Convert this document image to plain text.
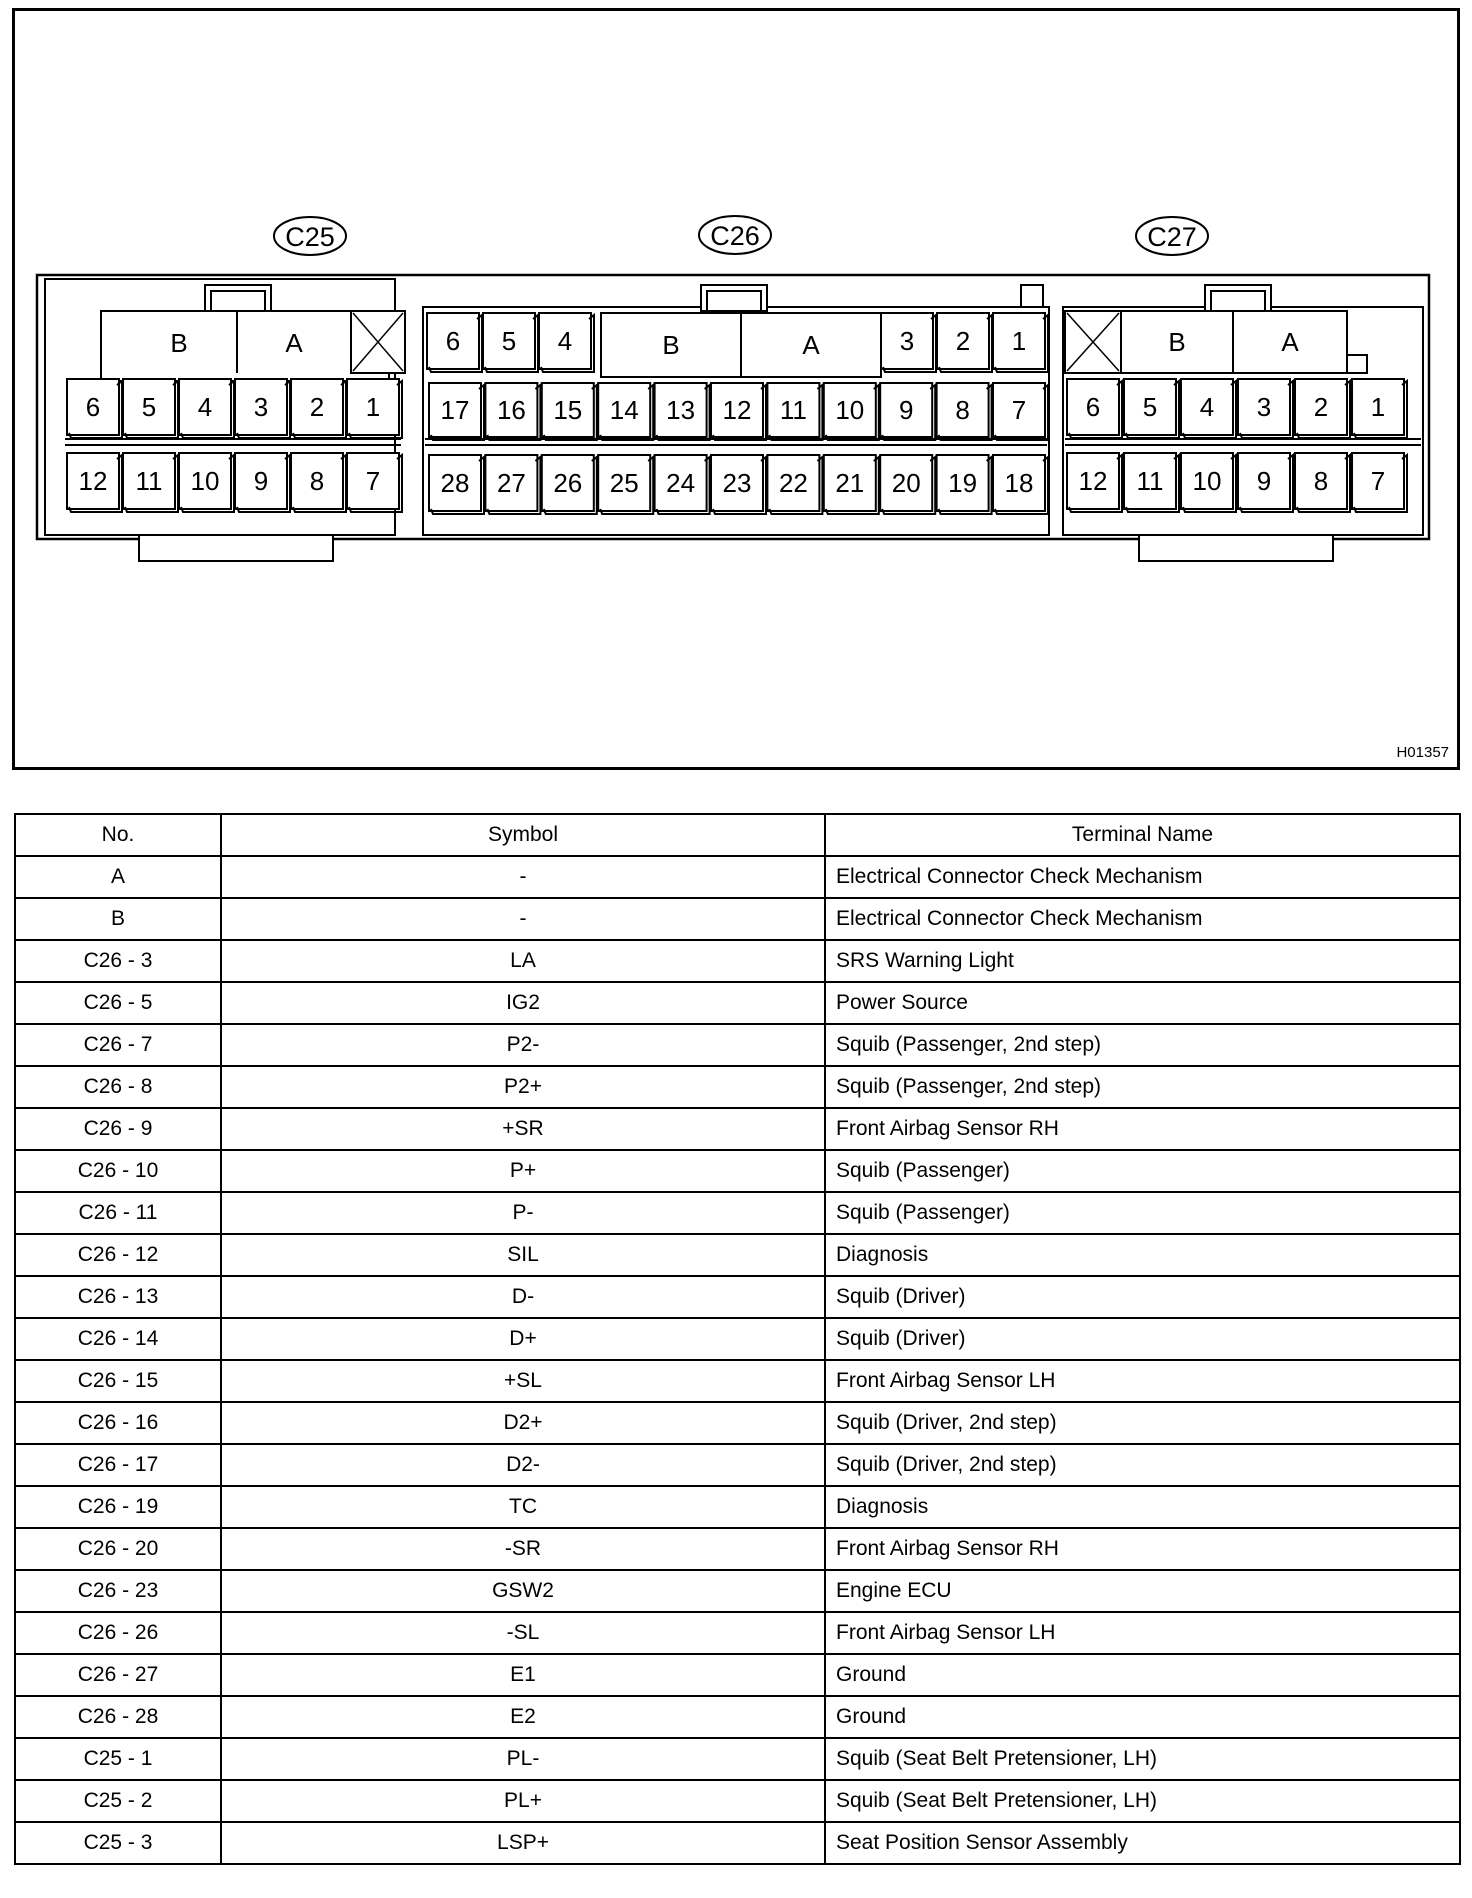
C25
B	A
6 5 4 3 2 1
12 11 10 9 8 7
C26
6 5 4	B	A	3 2 1
17 16 15 14 13 12 11 10 9 8 7
28 27 26 25 24 23 22 21 20 19 18
C27
B	A
6 5 4 3 2 1
12 11 10 9 8 7
H01357
No.	Symbol	Terminal Name
A	-	Electrical Connector Check Mechanism
B	-	Electrical Connector Check Mechanism
C26 - 3	LA	SRS Warning Light
C26 - 5	IG2	Power Source
C26 - 7	P2-	Squib (Passenger, 2nd step)
C26 - 8	P2+	Squib (Passenger, 2nd step)
C26 - 9	+SR	Front Airbag Sensor RH
C26 - 10	P+	Squib (Passenger)
C26 - 11	P-	Squib (Passenger)
C26 - 12	SIL	Diagnosis
C26 - 13	D-	Squib (Driver)
C26 - 14	D+	Squib (Driver)
C26 - 15	+SL	Front Airbag Sensor LH
C26 - 16	D2+	Squib (Driver, 2nd step)
C26 - 17	D2-	Squib (Driver, 2nd step)
C26 - 19	TC	Diagnosis
C26 - 20	-SR	Front Airbag Sensor RH
C26 - 23	GSW2	Engine ECU
C26 - 26	-SL	Front Airbag Sensor LH
C26 - 27	E1	Ground
C26 - 28	E2	Ground
C25 - 1	PL-	Squib (Seat Belt Pretensioner, LH)
C25 - 2	PL+	Squib (Seat Belt Pretensioner, LH)
C25 - 3	LSP+	Seat Position Sensor Assembly
